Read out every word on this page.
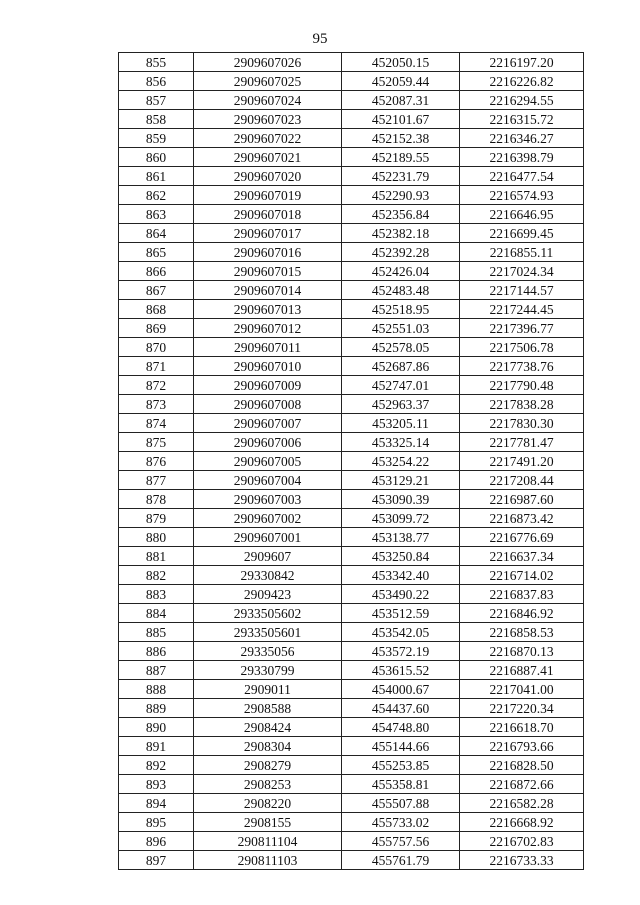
95
855	2909607026	452050.15	2216197.20
856	2909607025	452059.44	2216226.82
857	2909607024	452087.31	2216294.55
858	2909607023	452101.67	2216315.72
859	2909607022	452152.38	2216346.27
860	2909607021	452189.55	2216398.79
861	2909607020	452231.79	2216477.54
862	2909607019	452290.93	2216574.93
863	2909607018	452356.84	2216646.95
864	2909607017	452382.18	2216699.45
865	2909607016	452392.28	2216855.11
866	2909607015	452426.04	2217024.34
867	2909607014	452483.48	2217144.57
868	2909607013	452518.95	2217244.45
869	2909607012	452551.03	2217396.77
870	2909607011	452578.05	2217506.78
871	2909607010	452687.86	2217738.76
872	2909607009	452747.01	2217790.48
873	2909607008	452963.37	2217838.28
874	2909607007	453205.11	2217830.30
875	2909607006	453325.14	2217781.47
876	2909607005	453254.22	2217491.20
877	2909607004	453129.21	2217208.44
878	2909607003	453090.39	2216987.60
879	2909607002	453099.72	2216873.42
880	2909607001	453138.77	2216776.69
881	2909607	453250.84	2216637.34
882	29330842	453342.40	2216714.02
883	2909423	453490.22	2216837.83
884	2933505602	453512.59	2216846.92
885	2933505601	453542.05	2216858.53
886	29335056	453572.19	2216870.13
887	29330799	453615.52	2216887.41
888	2909011	454000.67	2217041.00
889	2908588	454437.60	2217220.34
890	2908424	454748.80	2216618.70
891	2908304	455144.66	2216793.66
892	2908279	455253.85	2216828.50
893	2908253	455358.81	2216872.66
894	2908220	455507.88	2216582.28
895	2908155	455733.02	2216668.92
896	290811104	455757.56	2216702.83
897	290811103	455761.79	2216733.33
